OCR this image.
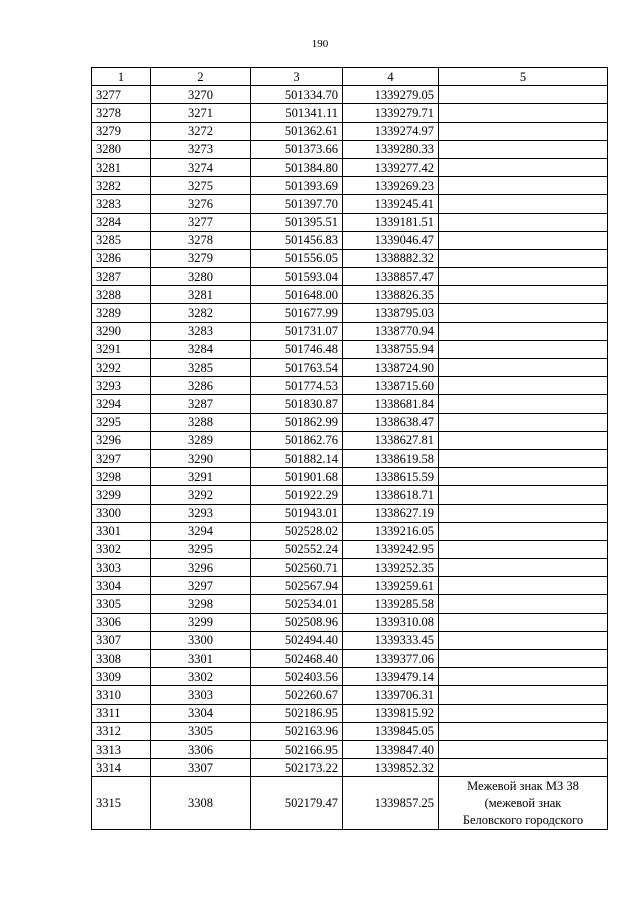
190
1	2	3	4	5
3277	3270	501334.70	1339279.05	
3278	3271	501341.11	1339279.71	
3279	3272	501362.61	1339274.97	
3280	3273	501373.66	1339280.33	
3281	3274	501384.80	1339277.42	
3282	3275	501393.69	1339269.23	
3283	3276	501397.70	1339245.41	
3284	3277	501395.51	1339181.51	
3285	3278	501456.83	1339046.47	
3286	3279	501556.05	1338882.32	
3287	3280	501593.04	1338857.47	
3288	3281	501648.00	1338826.35	
3289	3282	501677.99	1338795.03	
3290	3283	501731.07	1338770.94	
3291	3284	501746.48	1338755.94	
3292	3285	501763.54	1338724.90	
3293	3286	501774.53	1338715.60	
3294	3287	501830.87	1338681.84	
3295	3288	501862.99	1338638.47	
3296	3289	501862.76	1338627.81	
3297	3290	501882.14	1338619.58	
3298	3291	501901.68	1338615.59	
3299	3292	501922.29	1338618.71	
3300	3293	501943.01	1338627.19	
3301	3294	502528.02	1339216.05	
3302	3295	502552.24	1339242.95	
3303	3296	502560.71	1339252.35	
3304	3297	502567.94	1339259.61	
3305	3298	502534.01	1339285.58	
3306	3299	502508.96	1339310.08	
3307	3300	502494.40	1339333.45	
3308	3301	502468.40	1339377.06	
3309	3302	502403.56	1339479.14	
3310	3303	502260.67	1339706.31	
3311	3304	502186.95	1339815.92	
3312	3305	502163.96	1339845.05	
3313	3306	502166.95	1339847.40	
3314	3307	502173.22	1339852.32	
3315	3308	502179.47	1339857.25	Межевой знак МЗ 38
(межевой знак
Беловского городского
